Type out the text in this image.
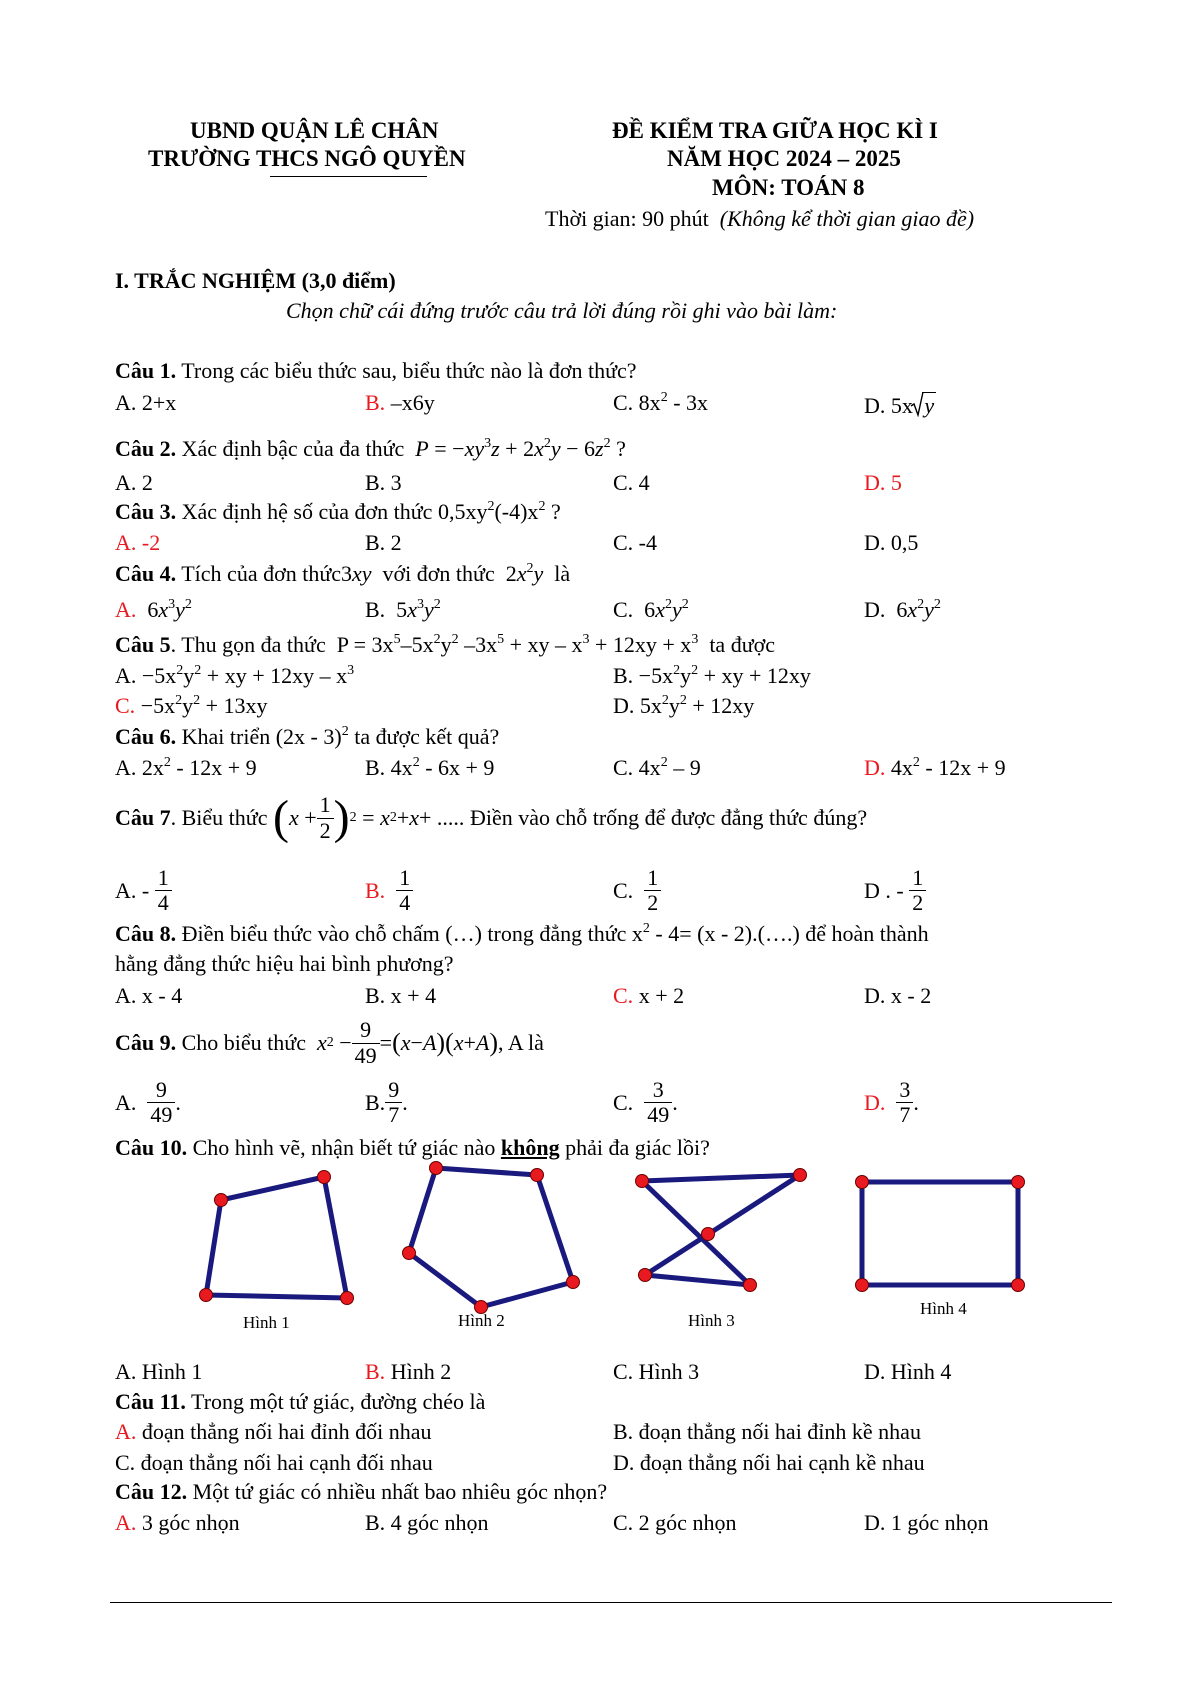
UBND QUẬN LÊ CHÂN
TRƯỜNG THCS NGÔ QUYỀN
ĐỀ KIỂM TRA GIỮA HỌC KÌ I
NĂM HỌC 2024 – 2025
MÔN: TOÁN 8
Thời gian: 90 phút (Không kể thời gian giao đề)
I. TRẮC NGHIỆM (3,0 điểm)
Chọn chữ cái đứng trước câu trả lời đúng rồi ghi vào bài làm:
Câu 1. Trong các biểu thức sau, biểu thức nào là đơn thức?
A. 2+x	B. –x6y	C. $8x^2 - 3x$	D. 5x y
Câu 2. Xác định bậc của đa thức $P = -xy^3z + 2x^2y - 6z^2$ ?
A. 2	B. 3	C. 4	D. 5
Câu 3. Xác định hệ số của đơn thức $0,5xy^2(-4)x^2$ ?
A. -2	B. 2	C. -4	D. 0,5
Câu 4. Tích của đơn thức3xy với đơn thức  $2x^2y$ là
A.  $6x^3y^2$	B.  $5x^3y^2$	C.  $6x^2y^2$	D.  $6x^2y^2$
Câu 5. Thu gọn đa thức  $P = 3x^5-5x^2y^2$ $-3x^5$ + xy – $x^3 + 12xy + x^3$ ta được
A. $-5x^2y^2$ + xy + $12xy - x^3$	B. $-5x^2y^2$ + xy + 12xy
C. $-5x^2y^2 + 13xy$	D. $5x^2y^2 + 12xy$
Câu 6. Khai triển (2x - 3)$^2$ ta được kết quả?
A. $2x^2 - 12x + 9$	B. $4x^2 - 6x + 9$	C. $4x^2 - 9$	D. $4x^2 - 12x + 9$
Câu 7 . Biểu thức
( $x + \frac{1}{2}$ ) 2 = x 2 + x + ..... Điền vào chỗ trống để được đẳng thức đúng?
A. - $\frac{1}{4}$	B.
$\frac{1}{4}$	C. $\frac{1}{2}$	D . - $\frac{1}{2}$
Câu 8. Điền biểu thức vào chỗ chấm (…) trong đẳng thức $x^2 - 4= (x$ - 2).(….) để hoàn thành
hằng đẳng thức hiệu hai bình phương?
A. x - 4	B. x + 4	C. x + 2	D. x - 2
Câu 9.
Cho biểu thức
x $2 - \frac{9}{49}$ = ( x − A )( x + A ) , A là
A. $\frac{9}{49}$ .	B. $\frac{9}{7}$ .	C. $\frac{3}{49}$ .	D.
$\frac{3}{7}$ .
Câu 10. Cho hình vẽ, nhận biết tứ giác nào không phải đa giác lồi?
Hình 1	Hình 2	Hình 3
Hình 4
A. Hình 1	B. Hình 2	C. Hình 3	D. Hình 4
Câu 11. Trong một tứ giác, đường chéo là
A. đoạn thẳng nối hai đỉnh đối nhau	B. đoạn thẳng nối hai đỉnh kề nhau
C. đoạn thẳng nối hai cạnh đối nhau	D. đoạn thẳng nối hai cạnh kề nhau
Câu 12. Một tứ giác có nhiều nhất bao nhiêu góc nhọn?
A. 3 góc nhọn	B. 4 góc nhọn	C. 2 góc nhọn	D. 1 góc nhọn
